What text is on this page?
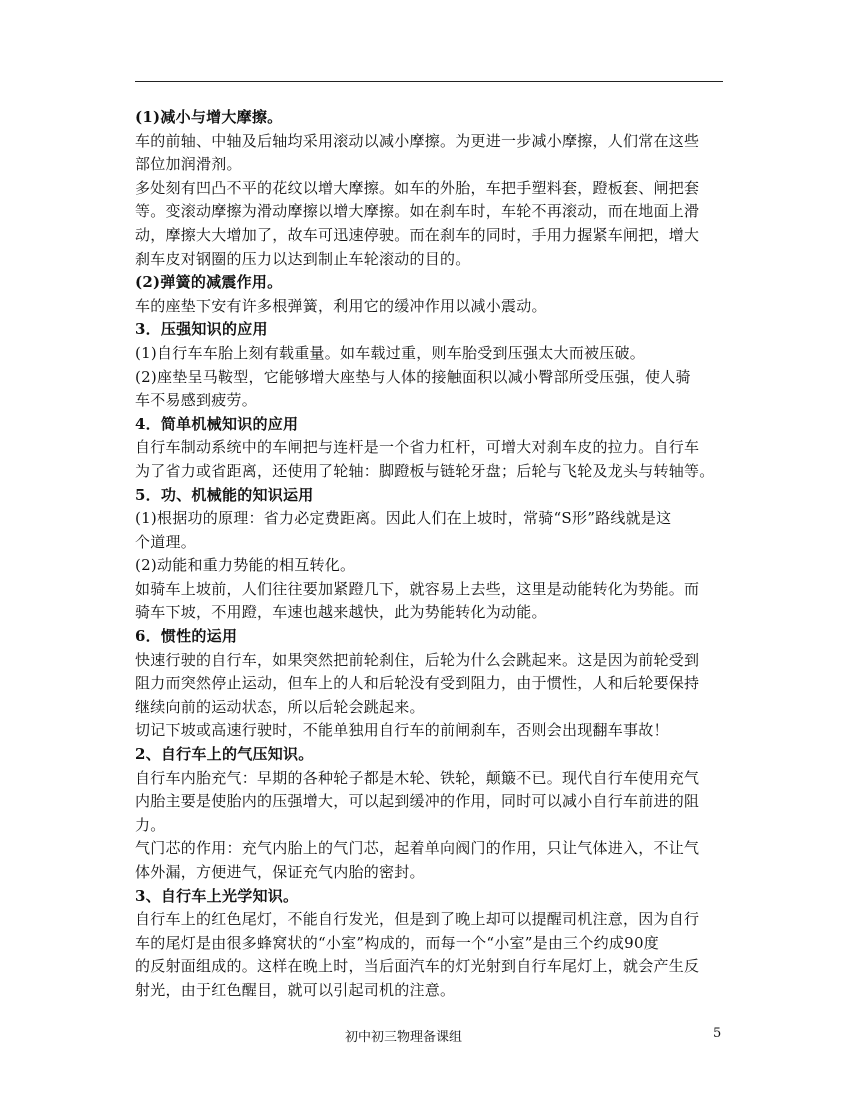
(1)减小与增大摩擦。
车的前轴、中轴及后轴均采用滚动以减小摩擦。为更进一步减小摩擦，人们常在这些
部位加润滑剂。
多处刻有凹凸不平的花纹以增大摩擦。如车的外胎，车把手塑料套，蹬板套、闸把套
等。变滚动摩擦为滑动摩擦以增大摩擦。如在刹车时，车轮不再滚动，而在地面上滑
动，摩擦大大增加了，故车可迅速停驶。而在刹车的同时，手用力握紧车闸把，增大
刹车皮对钢圈的压力以达到制止车轮滚动的目的。
(2)弹簧的减震作用。
车的座垫下安有许多根弹簧，利用它的缓冲作用以减小震动。
3．压强知识的应用
(1)自行车车胎上刻有载重量。如车载过重，则车胎受到压强太大而被压破。
(2)座垫呈马鞍型，它能够增大座垫与人体的接触面积以减小臀部所受压强，使人骑
车不易感到疲劳。
4．简单机械知识的应用
自行车制动系统中的车闸把与连杆是一个省力杠杆，可增大对刹车皮的拉力。自行车
为了省力或省距离，还使用了轮轴：脚蹬板与链轮牙盘；后轮与飞轮及龙头与转轴等。
5．功、机械能的知识运用
(1)根据功的原理：省力必定费距离。因此人们在上坡时，常骑“S形”路线就是这
个道理。
(2)动能和重力势能的相互转化。
如骑车上坡前，人们往往要加紧蹬几下，就容易上去些，这里是动能转化为势能。而
骑车下坡，不用蹬，车速也越来越快，此为势能转化为动能。
6．惯性的运用
快速行驶的自行车，如果突然把前轮刹住，后轮为什么会跳起来。这是因为前轮受到
阻力而突然停止运动，但车上的人和后轮没有受到阻力，由于惯性，人和后轮要保持
继续向前的运动状态，所以后轮会跳起来。
切记下坡或高速行驶时，不能单独用自行车的前闸刹车，否则会出现翻车事故！
2、自行车上的气压知识。
自行车内胎充气：早期的各种轮子都是木轮、铁轮，颠簸不已。现代自行车使用充气
内胎主要是使胎内的压强增大，可以起到缓冲的作用，同时可以减小自行车前进的阻
力。
气门芯的作用：充气内胎上的气门芯，起着单向阀门的作用，只让气体进入，不让气
体外漏，方便进气，保证充气内胎的密封。
3、自行车上光学知识。
自行车上的红色尾灯，不能自行发光，但是到了晚上却可以提醒司机注意，因为自行
车的尾灯是由很多蜂窝状的“小室”构成的，而每一个“小室”是由三个约成90度
的反射面组成的。这样在晚上时，当后面汽车的灯光射到自行车尾灯上，就会产生反
射光，由于红色醒目，就可以引起司机的注意。
初中初三物理备课组	5
